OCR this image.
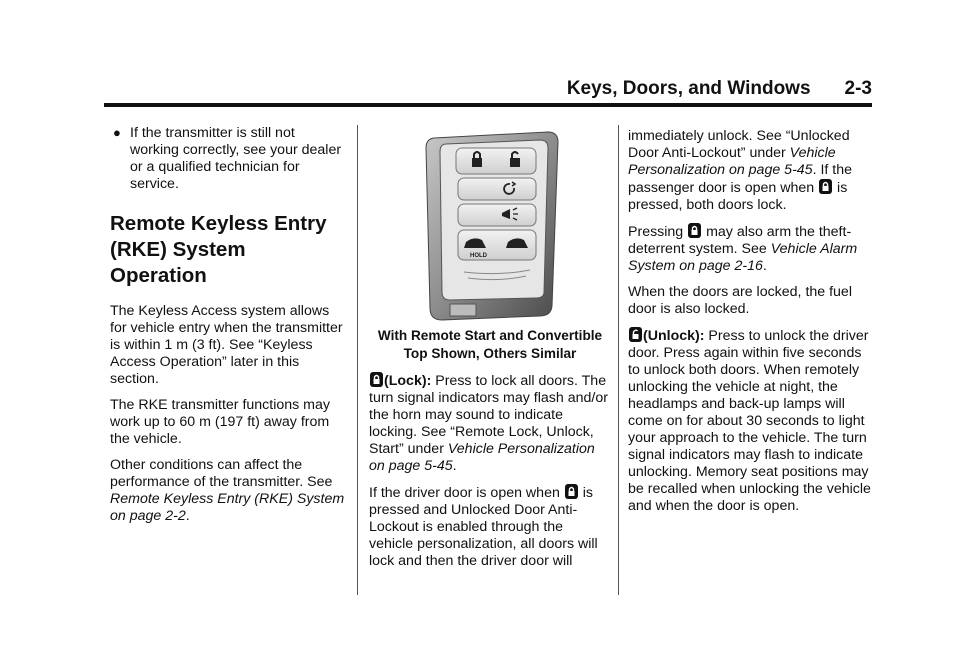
Keys, Doors, and Windows 2-3
● If the transmitter is still not working correctly, see your dealer or a qualified technician for service.
Remote Keyless Entry (RKE) System Operation

The Keyless Access system allows for vehicle entry when the transmitter is within 1 m (3 ft). See “Keyless Access Operation” later in this section.

The RKE transmitter functions may work up to 60 m (197 ft) away from the vehicle.

Other conditions can affect the performance of the transmitter. See Remote Keyless Entry (RKE) System on page 2-2.

HOLD

With Remote Start and Convertible Top Shown, Others Similar

(Lock): Press to lock all doors. The turn signal indicators may flash and/or the horn may sound to indicate locking. See “Remote Lock, Unlock, Start” under Vehicle Personalization on page 5-45.

If the driver door is open when  is pressed and Unlocked Door Anti-Lockout is enabled through the vehicle personalization, all doors will lock and then the driver door will

immediately unlock. See “Unlocked Door Anti-Lockout” under Vehicle Personalization on page 5-45. If the passenger door is open when  is pressed, both doors lock.

Pressing  may also arm the theft-deterrent system. See Vehicle Alarm System on page 2-16.

When the doors are locked, the fuel door is also locked.

(Unlock): Press to unlock the driver door. Press again within five seconds to unlock both doors. When remotely unlocking the vehicle at night, the headlamps and back-up lamps will come on for about 30 seconds to light your approach to the vehicle. The turn signal indicators may flash to indicate unlocking. Memory seat positions may be recalled when unlocking the vehicle and when the door is open.
